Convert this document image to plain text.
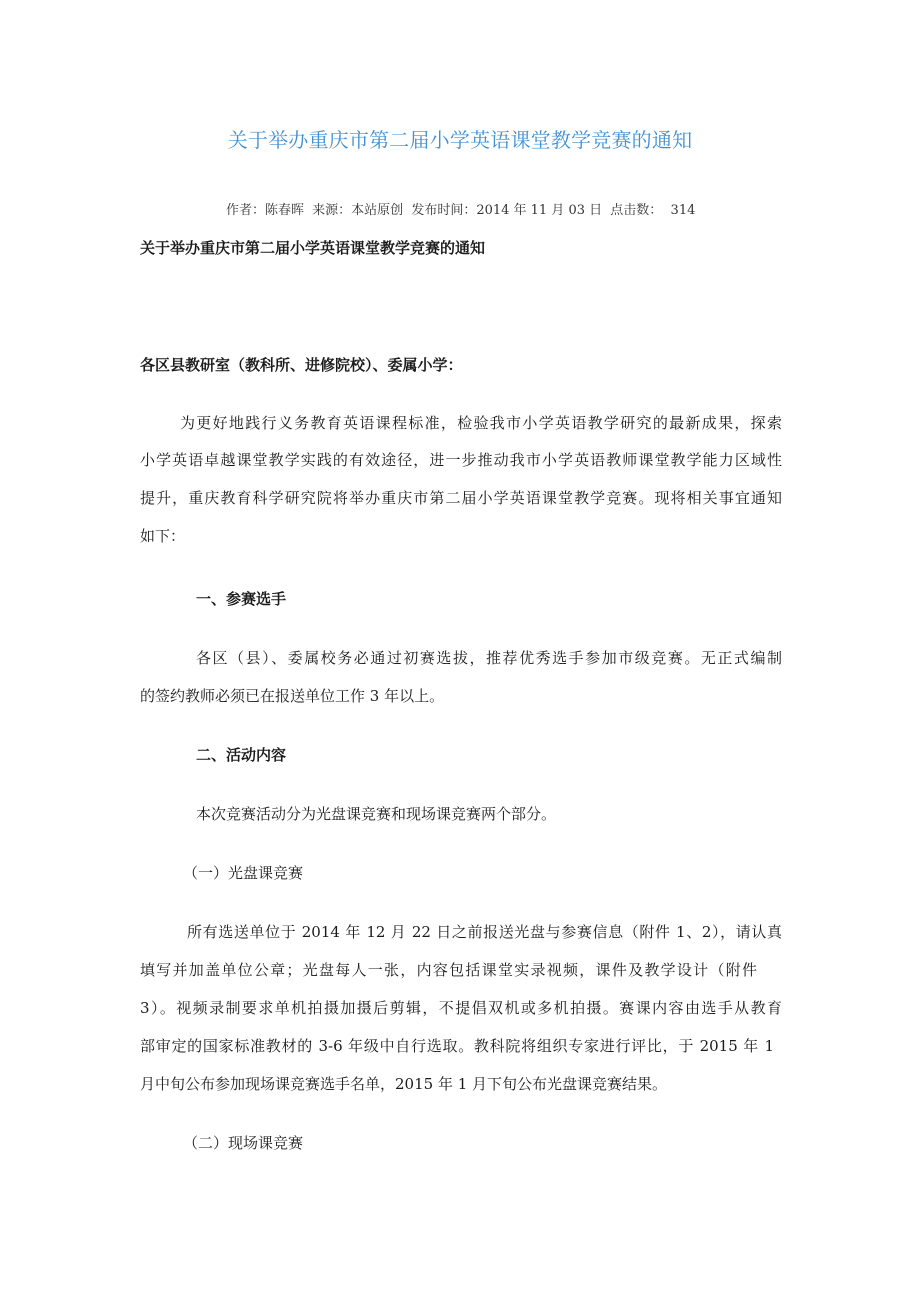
关于举办重庆市第二届小学英语课堂教学竞赛的通知
作者：陈春晖 来源：本站原创 发布时间：2014 年 11 月 03 日 点击数：  314

关于举办重庆市第二届小学英语课堂教学竞赛的通知

各区县教研室（教科所、进修院校）、委属小学：

为更好地践行义务教育英语课程标准，检验我市小学英语教学研究的最新成果，探索

小学英语卓越课堂教学实践的有效途径，进一步推动我市小学英语教师课堂教学能力区域性

提升，重庆教育科学研究院将举办重庆市第二届小学英语课堂教学竞赛。现将相关事宜通知

如下：

一、参赛选手

各区（县）、委属校务必通过初赛选拔，推荐优秀选手参加市级竞赛。无正式编制

的签约教师必须已在报送单位工作 3 年以上。

二、活动内容

本次竞赛活动分为光盘课竞赛和现场课竞赛两个部分。

（一）光盘课竞赛

所有选送单位于 2014 年 12 月 22 日之前报送光盘与参赛信息（附件 1、2），请认真

填写并加盖单位公章；光盘每人一张，内容包括课堂实录视频，课件及教学设计（附件

3）。视频录制要求单机拍摄加摄后剪辑，不提倡双机或多机拍摄。赛课内容由选手从教育

部审定的国家标准教材的 3-6 年级中自行选取。教科院将组织专家进行评比，于 2015 年 1

月中旬公布参加现场课竞赛选手名单，2015 年 1 月下旬公布光盘课竞赛结果。

（二）现场课竞赛
